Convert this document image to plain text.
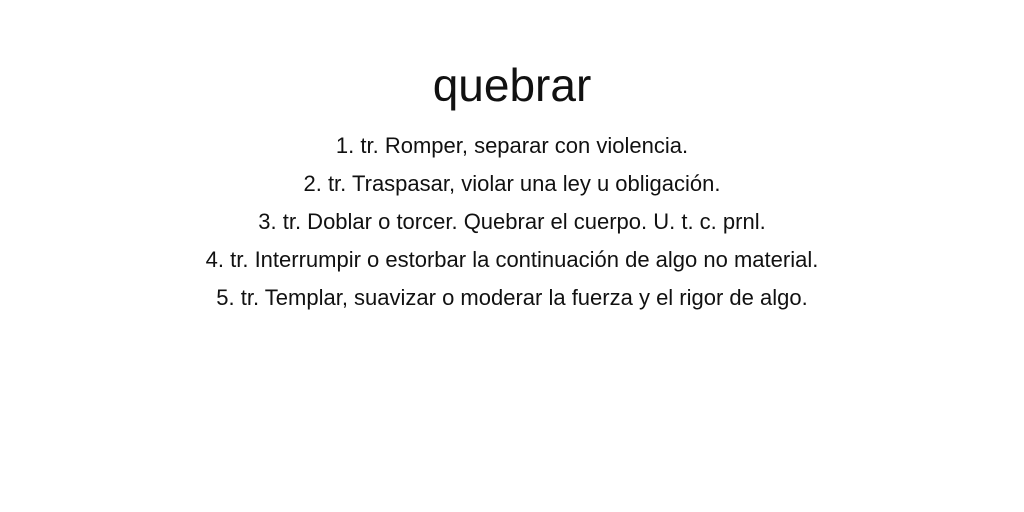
quebrar
1. tr. Romper, separar con violencia.
2. tr. Traspasar, violar una ley u obligación.
3. tr. Doblar o torcer. Quebrar el cuerpo. U. t. c. prnl.
4. tr. Interrumpir o estorbar la continuación de algo no material.
5. tr. Templar, suavizar o moderar la fuerza y el rigor de algo.
